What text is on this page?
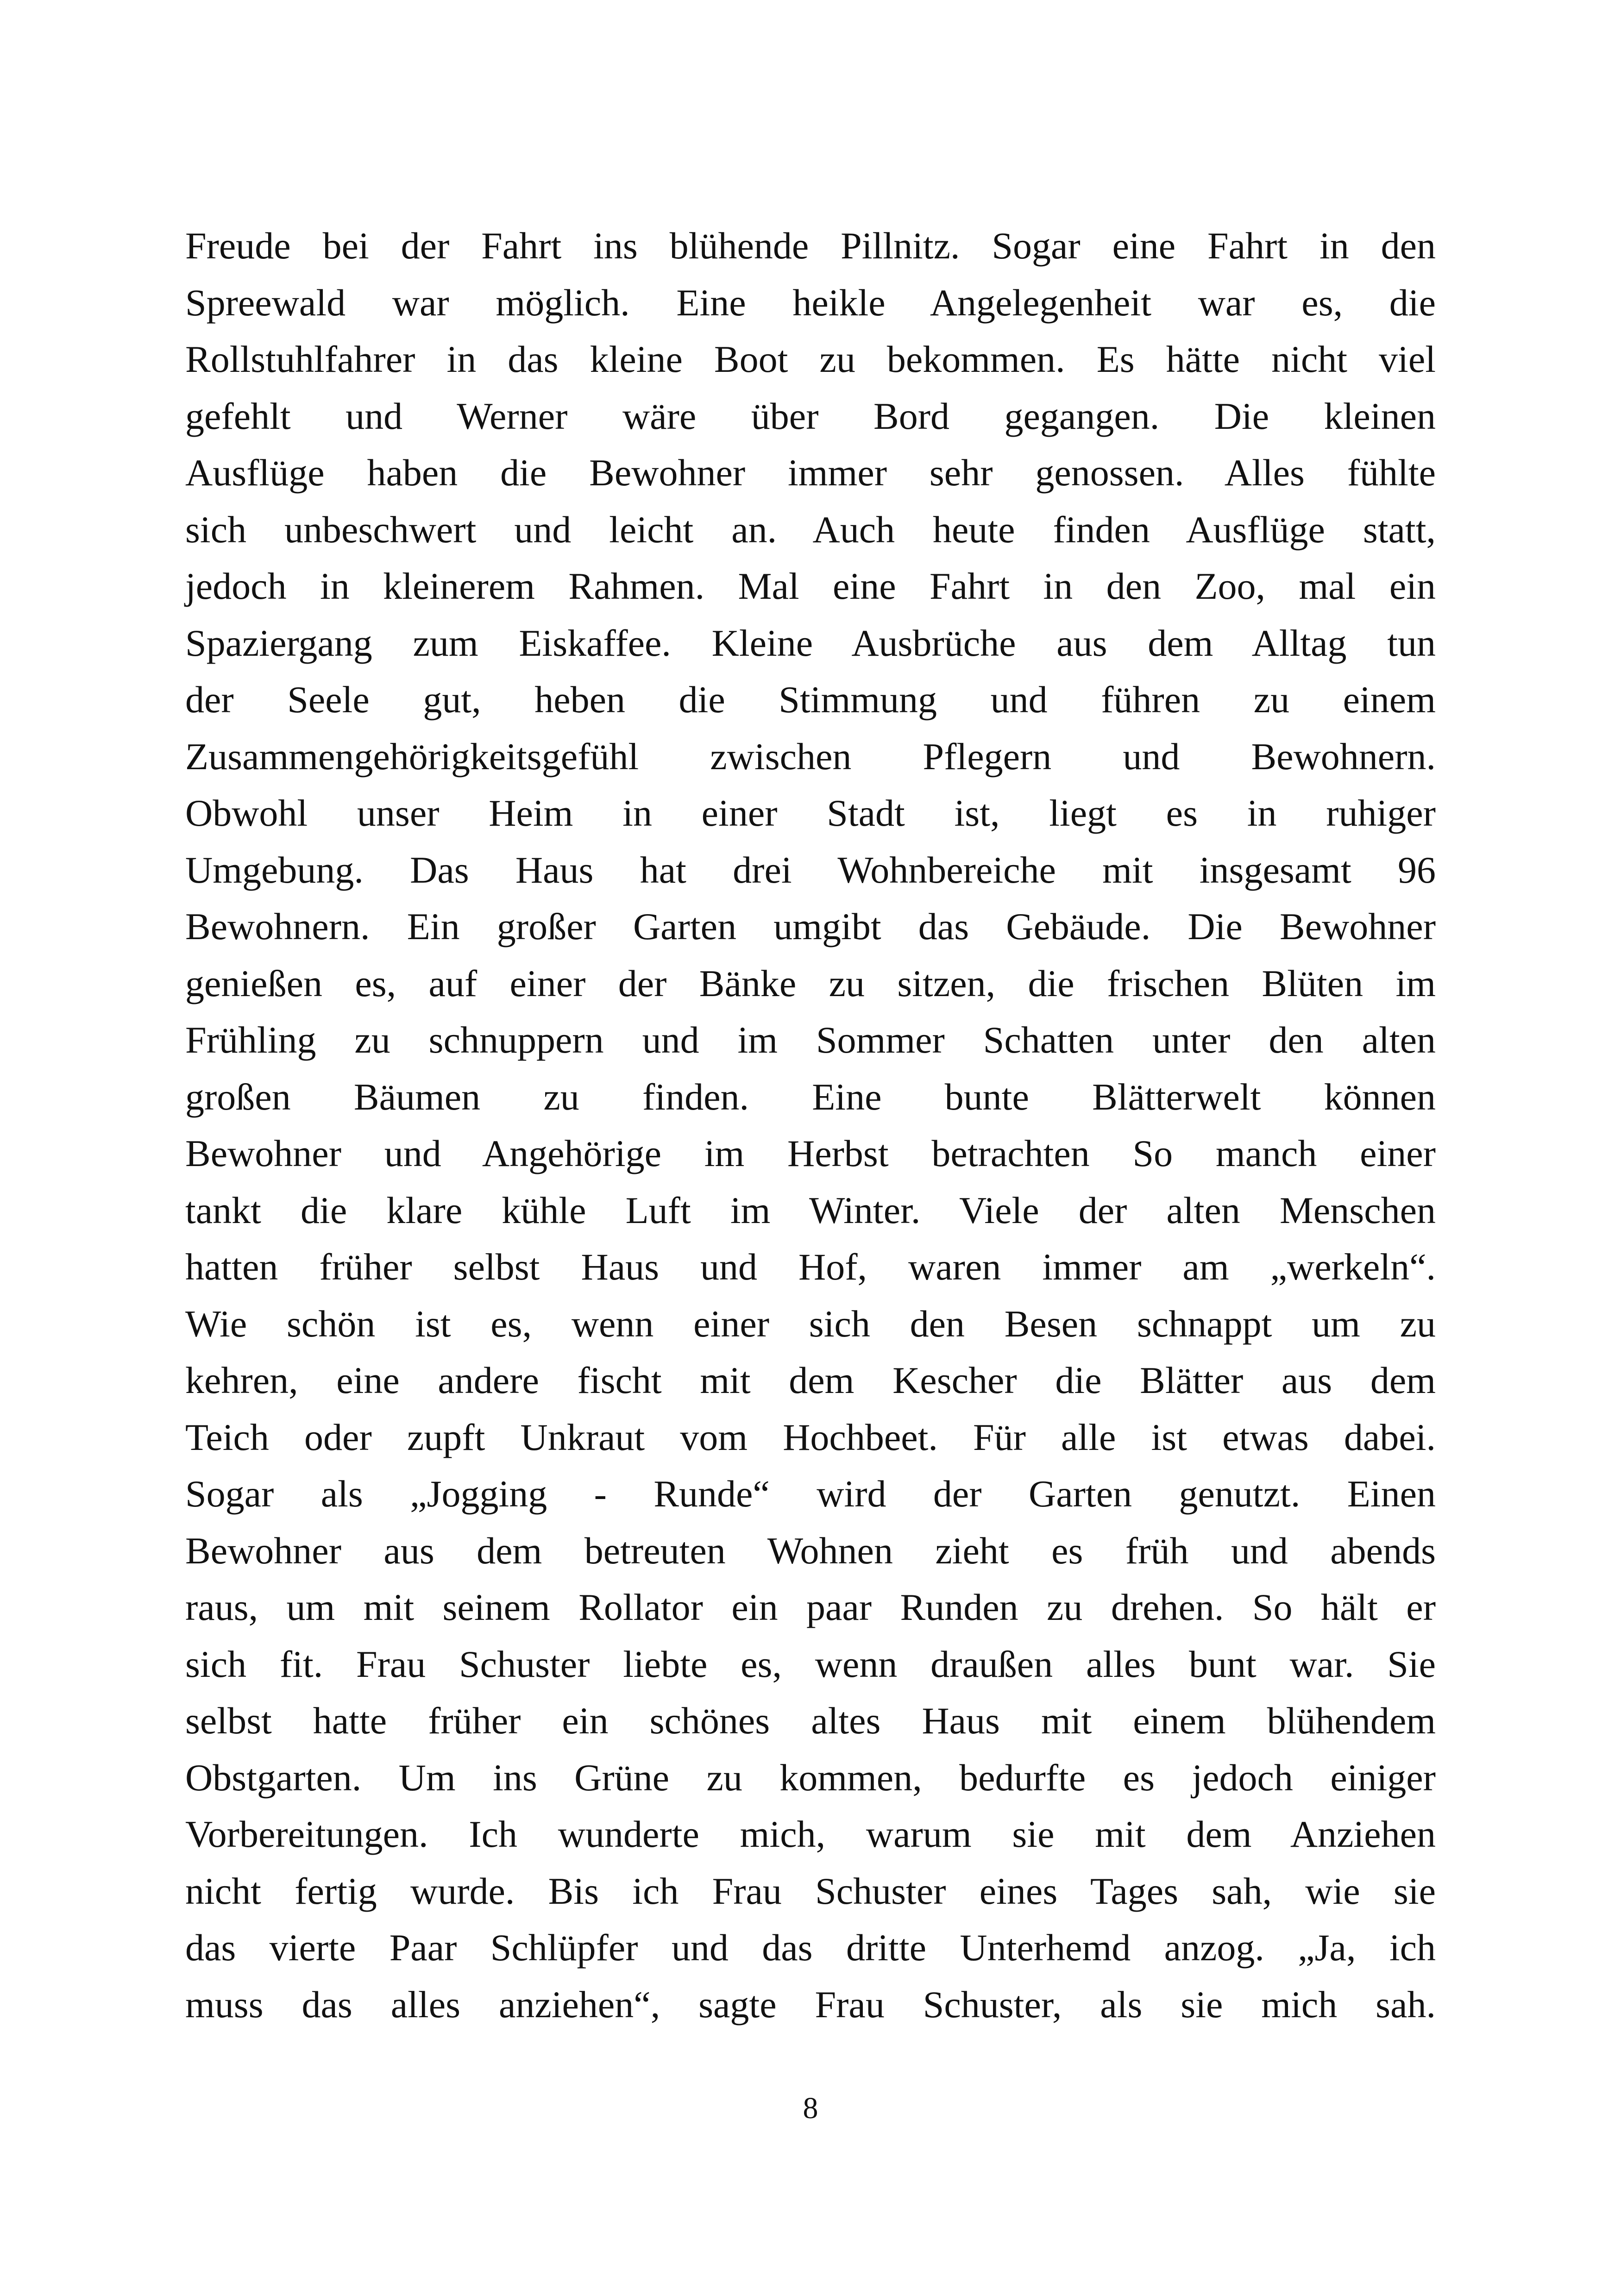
Freude bei der Fahrt ins blühende Pillnitz. Sogar eine Fahrt in den
Spreewald war möglich. Eine heikle Angelegenheit war es, die
Rollstuhlfahrer in das kleine Boot zu bekommen. Es hätte nicht viel
gefehlt und Werner wäre über Bord gegangen. Die kleinen
Ausflüge haben die Bewohner immer sehr genossen. Alles fühlte
sich unbeschwert und leicht an. Auch heute finden Ausflüge statt,
jedoch in kleinerem Rahmen. Mal eine Fahrt in den Zoo, mal ein
Spaziergang zum Eiskaffee. Kleine Ausbrüche aus dem Alltag tun
der Seele gut, heben die Stimmung und führen zu einem
Zusammengehörigkeitsgefühl zwischen Pflegern und Bewohnern.
Obwohl unser Heim in einer Stadt ist, liegt es in ruhiger
Umgebung. Das Haus hat drei Wohnbereiche mit insgesamt 96
Bewohnern. Ein großer Garten umgibt das Gebäude. Die Bewohner
genießen es, auf einer der Bänke zu sitzen, die frischen Blüten im
Frühling zu schnuppern und im Sommer Schatten unter den alten
großen Bäumen zu finden. Eine bunte Blätterwelt können
Bewohner und Angehörige im Herbst betrachten So manch einer
tankt die klare kühle Luft im Winter. Viele der alten Menschen
hatten früher selbst Haus und Hof, waren immer am „werkeln“.
Wie schön ist es, wenn einer sich den Besen schnappt um zu
kehren, eine andere fischt mit dem Kescher die Blätter aus dem
Teich oder zupft Unkraut vom Hochbeet. Für alle ist etwas dabei.
Sogar als „Jogging - Runde“ wird der Garten genutzt. Einen
Bewohner aus dem betreuten Wohnen zieht es früh und abends
raus, um mit seinem Rollator ein paar Runden zu drehen. So hält er
sich fit. Frau Schuster liebte es, wenn draußen alles bunt war. Sie
selbst hatte früher ein schönes altes Haus mit einem blühendem
Obstgarten. Um ins Grüne zu kommen, bedurfte es jedoch einiger
Vorbereitungen. Ich wunderte mich, warum sie mit dem Anziehen
nicht fertig wurde. Bis ich Frau Schuster eines Tages sah, wie sie
das vierte Paar Schlüpfer und das dritte Unterhemd anzog. „Ja, ich
muss das alles anziehen“, sagte Frau Schuster, als sie mich sah.
8
